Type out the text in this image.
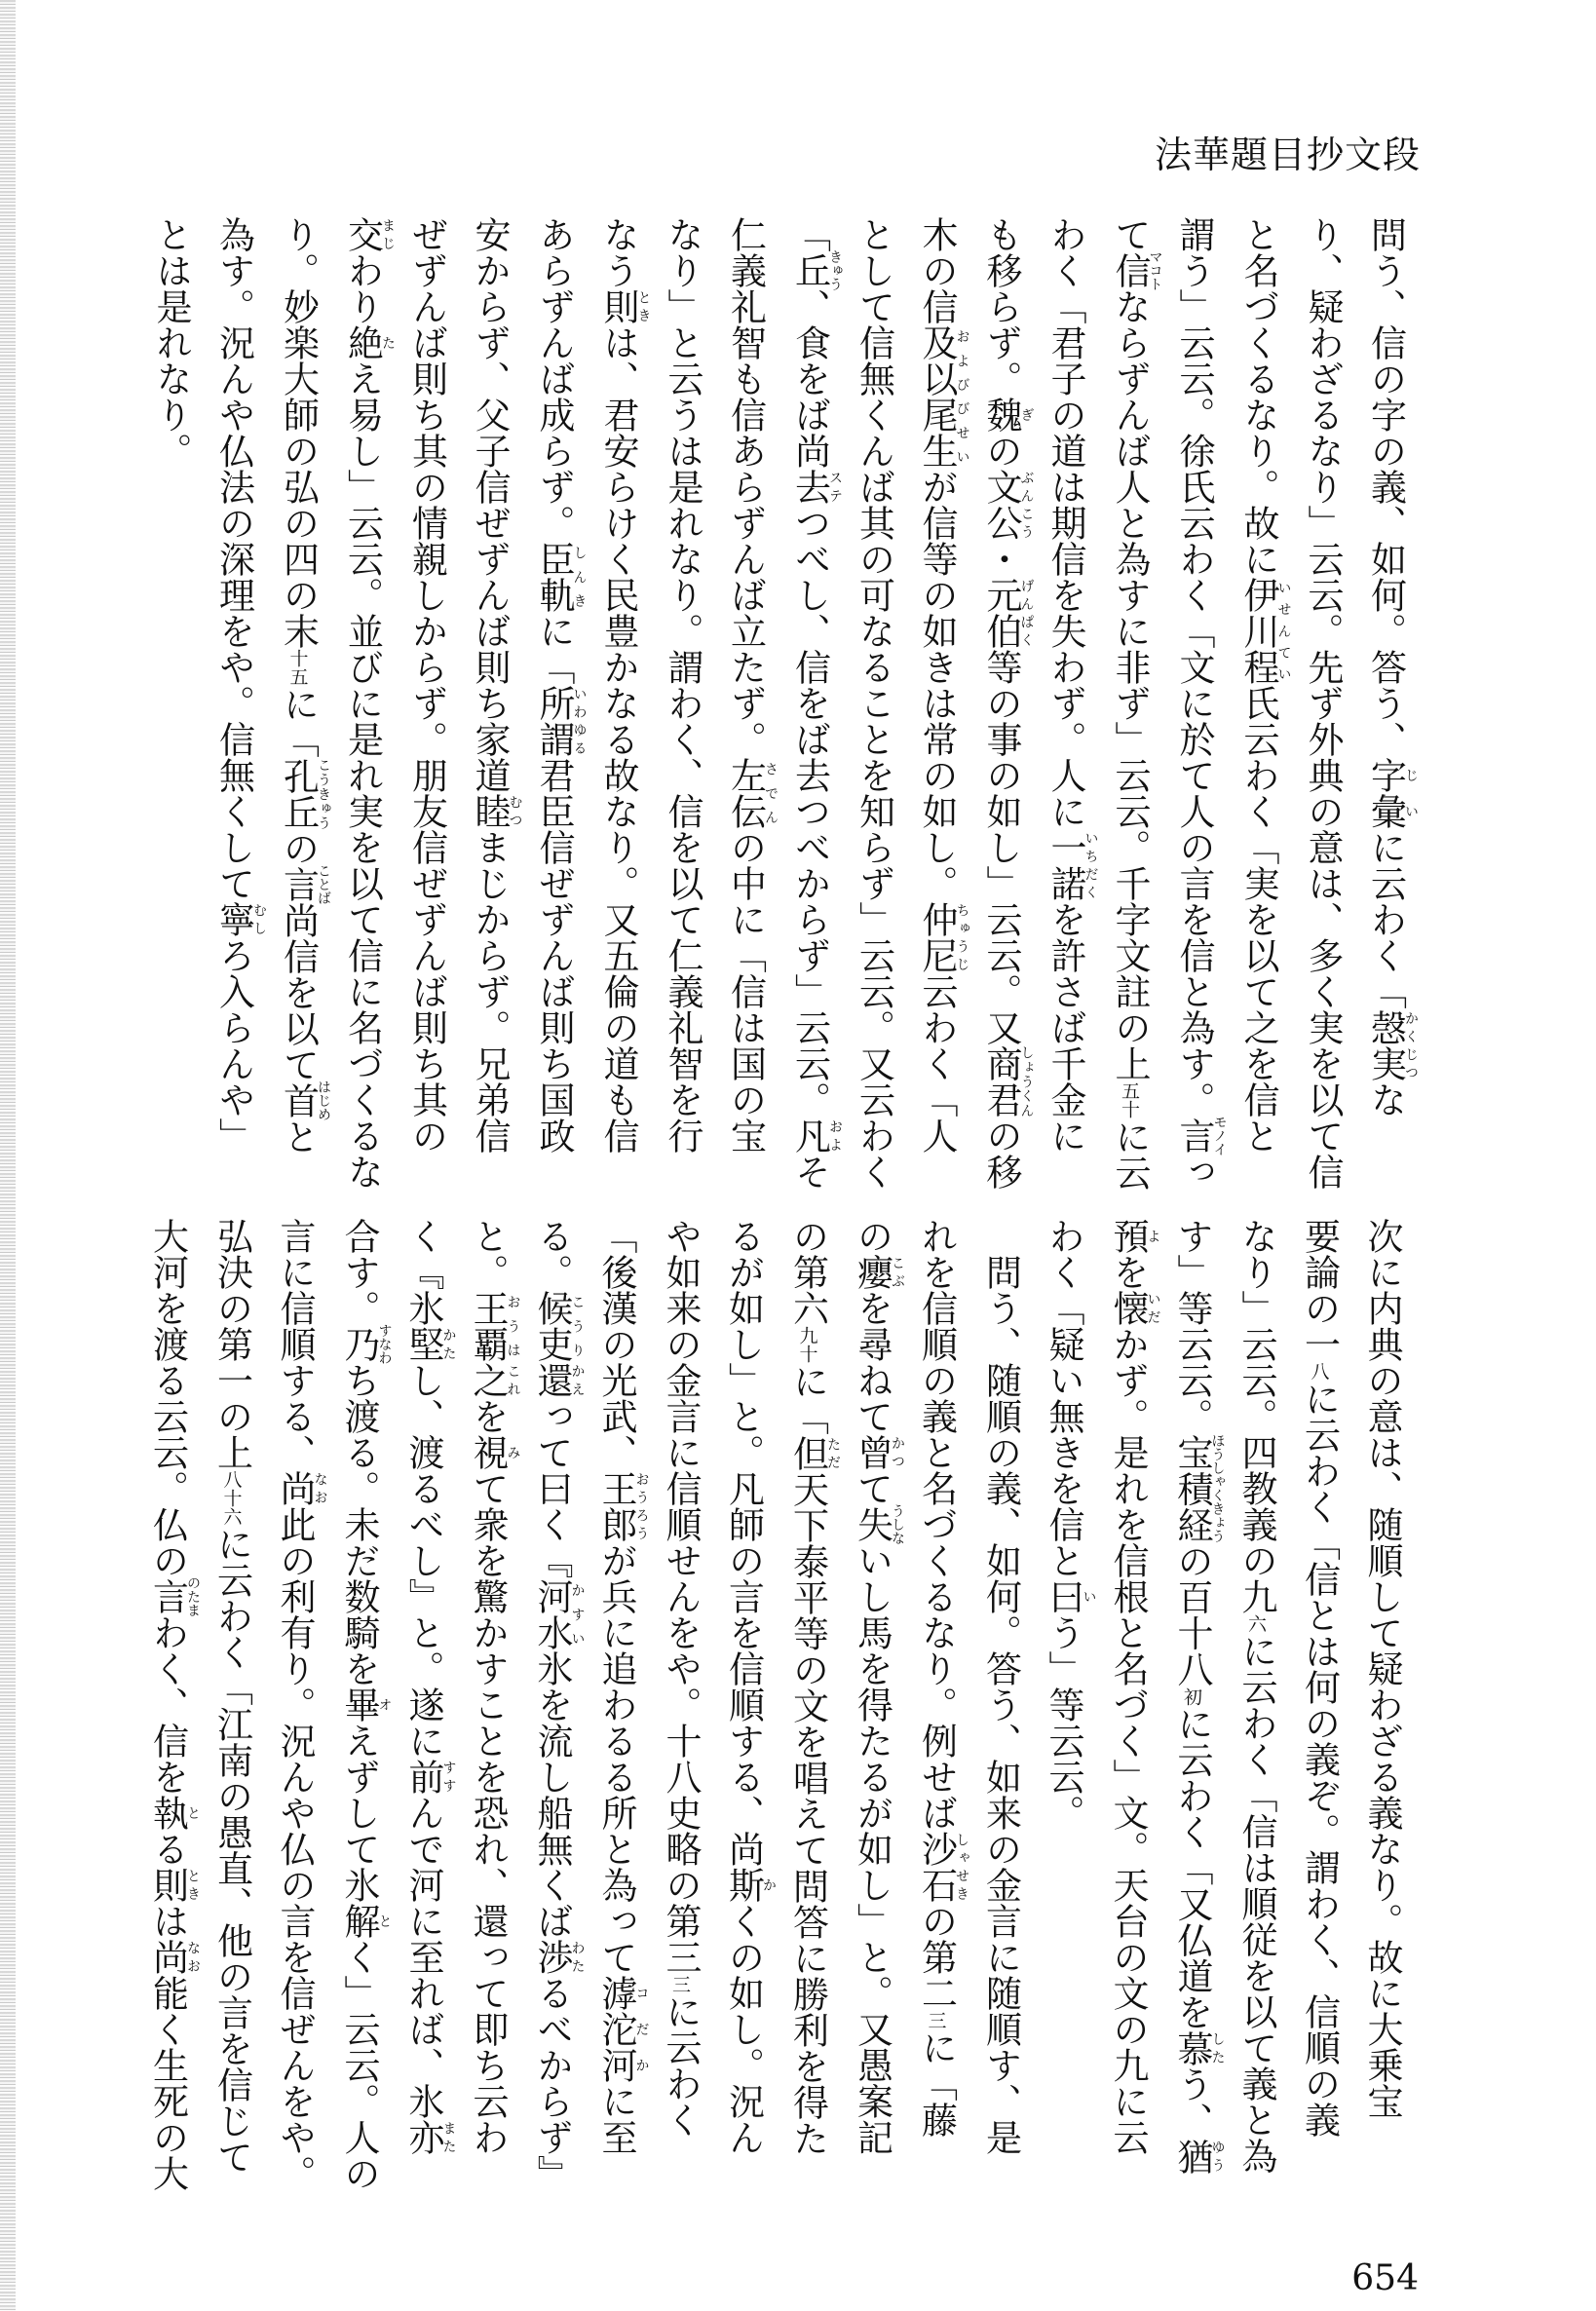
法華題目抄文段
問う、信の字の義、如何。答う、字彙じいに云わく「愨実かくじつな
り、疑わざるなり」云云。先ず外典の意は、多く実を以て信
と名づくるなり。故に伊川程いせんてい氏云わく「実を以て之を信と
謂う」云云。徐氏云わく「文に於て人の言を信と為す。言モノイっ
て信マコトならずんば人と為すに非ず」云云。千字文註の上五十に云
わく「君子の道は期信を失わず。人に一諾いちだくを許さば千金に
も移らず。魏ぎの文公ぶんこう・元伯げんぱく等の事の如し」云云。又商君しょうくんの移
木の信及以および尾生びせいが信等の如きは常の如し。仲尼ちゅうじ云わく「人
として信無くんば其の可なることを知らず」云云。又云わく
「丘きゅう、食をば尚去ステつべし、信をば去つべからず」云云。凡およそ
仁義礼智も信あらずんば立たず。左伝さでんの中に「信は国の宝
なり」と云うは是れなり。謂わく、信を以て仁義礼智を行
なう則ときは、君安らけく民豊かなる故なり。又五倫の道も信
あらずんば成らず。臣軌しんきに「所謂いわゆる君臣信ぜずんば則ち国政
安からず、父子信ぜずんば則ち家道睦むつまじからず。兄弟信
ぜずんば則ち其の情親しからず。朋友信ぜずんば則ち其の
交まじわり絶たえ易し」云云。並びに是れ実を以て信に名づくるな
り。妙楽大師の弘の四の末十五に「孔丘こうきゅうの言ことば尚信を以て首はじめと
為す。況んや仏法の深理をや。信無くして寧むしろ入らんや」
とは是れなり。
次に内典の意は、随順して疑わざる義なり。故に大乗宝
要論の一八に云わく「信とは何の義ぞ。謂わく、信順の義
なり」云云。四教義の九六に云わく「信は順従を以て義と為
す」等云云。宝積経ほうしゃくきょうの百十八初に云わく「又仏道を慕したう、猶ゆう
預よを懐いだかず。是れを信根と名づく」文。天台の文の九に云
わく「疑い無きを信と曰いう」等云云。
　問う、随順の義、如何。答う、如来の金言に随順す、是
れを信順の義と名づくるなり。例せば沙石しゃせきの第二三に「藤
の癭こぶを尋ねて曾かつて失うしないし馬を得たるが如し」と。又愚案記
の第六九十に「但ただ天下泰平等の文を唱えて問答に勝利を得た
るが如し」と。凡師の言を信順する、尚斯かくの如し。況ん
や如来の金言に信順せんをや。十八史略の第三三に云わく
「後漢の光武、王郎おうろうが兵に追わるる所と為って滹沱コだ河かに至
る。候吏こうり還かえって曰く『河水かすい氷を流し船無くば渉わたるべからず』
と。王覇おうは之これを視みて衆を驚かすことを恐れ、還って即ち云わ
く『氷堅かたし、渡るべし』と。遂に前すすんで河に至れば、氷亦また
合す。乃すなわち渡る。未だ数騎を畢オえずして氷解とく」云云。人の
言に信順する、尚なお此の利有り。況んや仏の言を信ぜんをや。
弘決の第一の上八十六に云わく「江南の愚直、他の言を信じて
大河を渡る云云。仏の言のたまわく、信を執とる則ときは尚なお能く生死の大
654
